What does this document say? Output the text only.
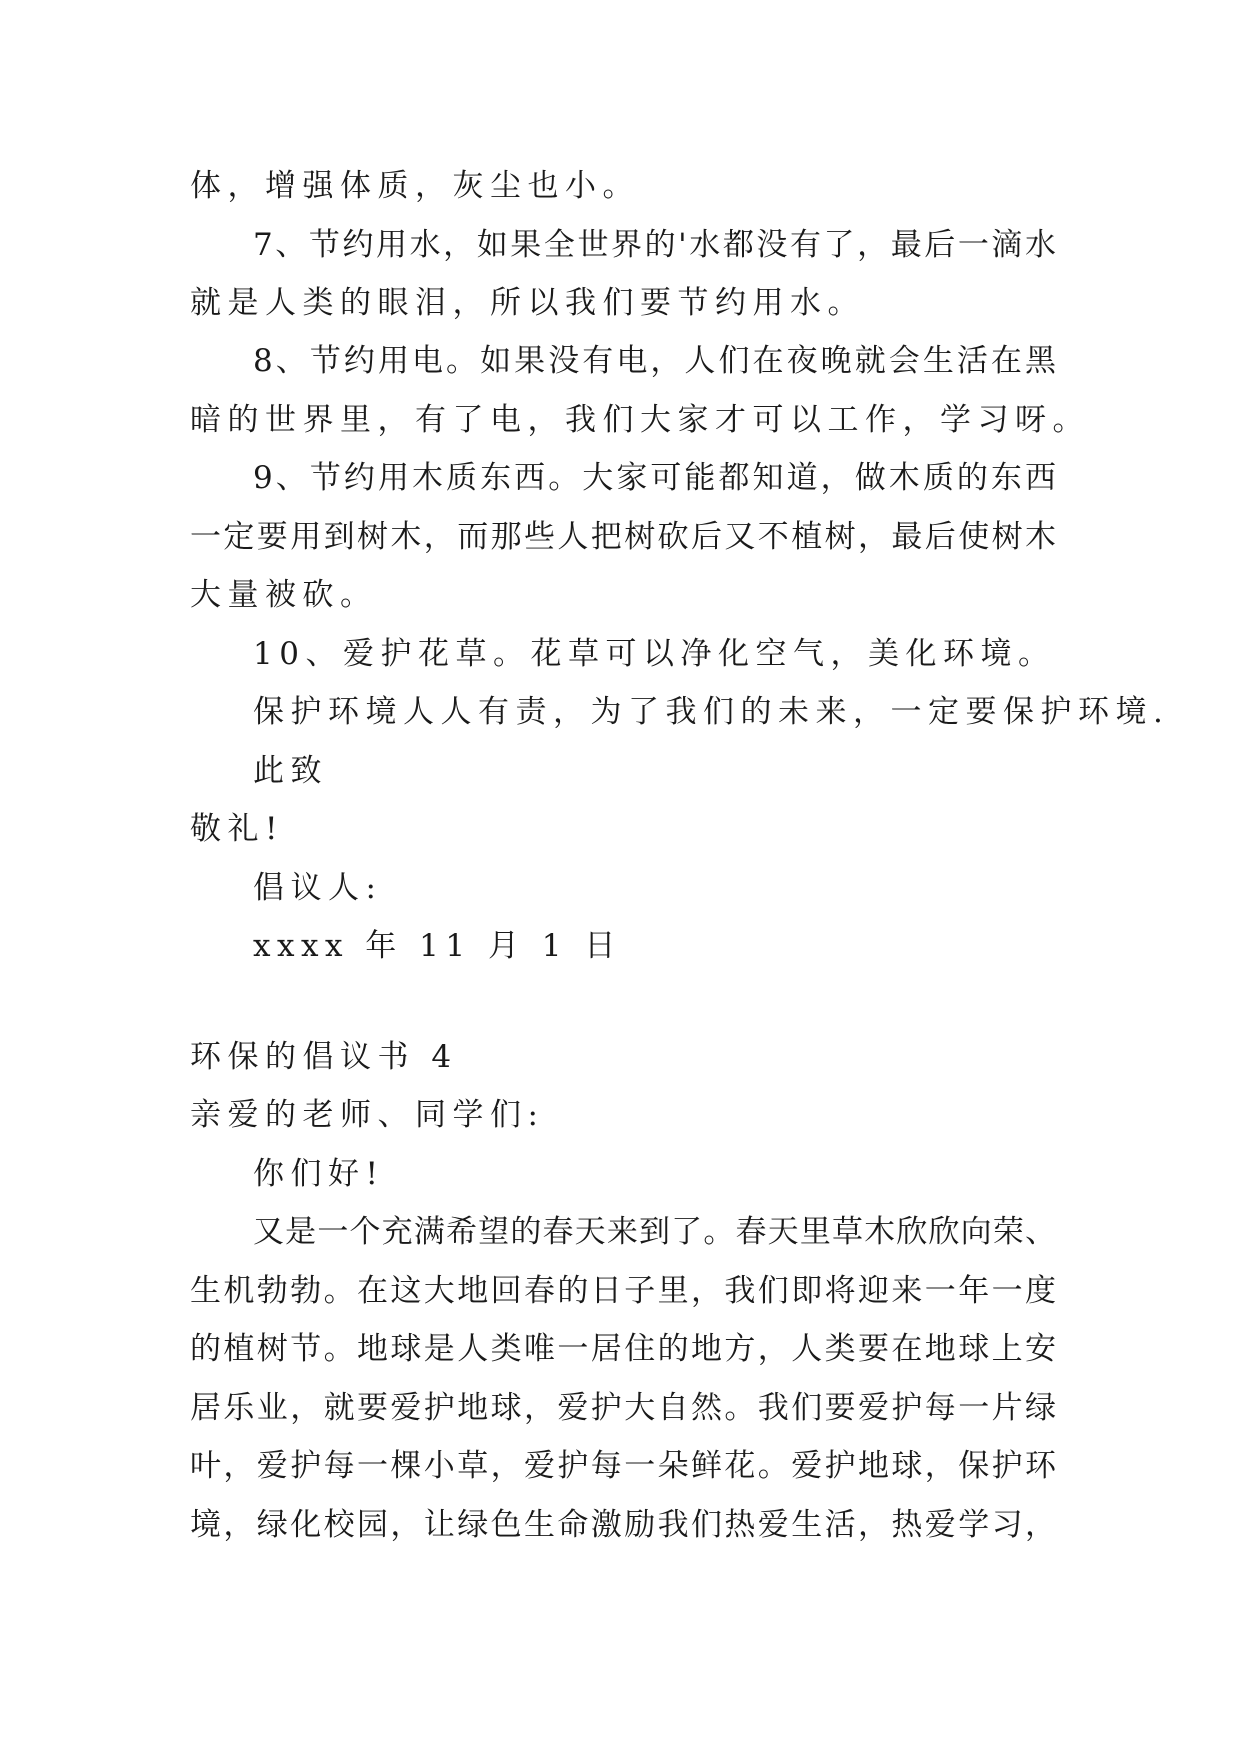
体，增强体质，灰尘也小。
7、节约用水，如果全世界的'水都没有了，最后一滴水
就是人类的眼泪，所以我们要节约用水。
8、节约用电。如果没有电，人们在夜晚就会生活在黑
暗的世界里，有了电，我们大家才可以工作，学习呀。
9、节约用木质东西。大家可能都知道，做木质的东西
一定要用到树木，而那些人把树砍后又不植树，最后使树木
大量被砍。
10、爱护花草。花草可以净化空气，美化环境。
保护环境人人有责，为了我们的未来，一定要保护环境.
此致
敬礼!
倡议人:
xxxx 年 11 月 1 日
环保的倡议书 4
亲爱的老师、同学们:
你们好!
又是一个充满希望的春天来到了。春天里草木欣欣向荣、
生机勃勃。在这大地回春的日子里，我们即将迎来一年一度
的植树节。地球是人类唯一居住的地方，人类要在地球上安
居乐业，就要爱护地球，爱护大自然。我们要爱护每一片绿
叶，爱护每一棵小草，爱护每一朵鲜花。爱护地球，保护环
境，绿化校园，让绿色生命激励我们热爱生活，热爱学习，
